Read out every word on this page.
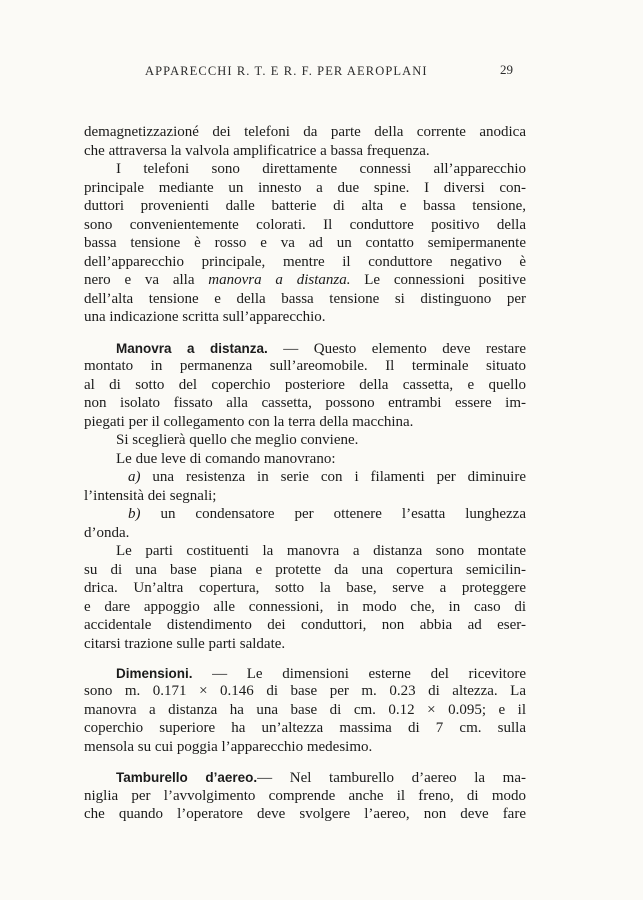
APPARECCHI R. T. E R. F. PER AEROPLANI	29
demagnetizzazioné dei telefoni da parte della corrente anodica
che attraversa la valvola amplificatrice a bassa frequenza.
I telefoni sono direttamente connessi all’apparecchio
principale mediante un innesto a due spine. I diversi con-
duttori provenienti dalle batterie di alta e bassa tensione,
sono convenientemente colorati. Il conduttore positivo della
bassa tensione è rosso e va ad un contatto semipermanente
dell’apparecchio principale, mentre il conduttore negativo è
nero e va alla manovra a distanza. Le connessioni positive
dell’alta tensione e della bassa tensione si distinguono per
una indicazione scritta sull’apparecchio.
Manovra a distanza. — Questo elemento deve restare
montato in permanenza sull’areomobile. Il terminale situato
al di sotto del coperchio posteriore della cassetta, e quello
non isolato fissato alla cassetta, possono entrambi essere im-
piegati per il collegamento con la terra della macchina.
Si sceglierà quello che meglio conviene.
Le due leve di comando manovrano:
a) una resistenza in serie con i filamenti per diminuire
l’intensità dei segnali;
b) un condensatore per ottenere l’esatta lunghezza
d’onda.
Le parti costituenti la manovra a distanza sono montate
su di una base piana e protette da una copertura semicilin-
drica. Un’altra copertura, sotto la base, serve a proteggere
e dare appoggio alle connessioni, in modo che, in caso di
accidentale distendimento dei conduttori, non abbia ad eser-
citarsi trazione sulle parti saldate.
Dimensioni. — Le dimensioni esterne del ricevitore
sono m. 0.171 × 0.146 di base per m. 0.23 di altezza. La
manovra a distanza ha una base di cm. 0.12 × 0.095; e il
coperchio superiore ha un’altezza massima di 7 cm. sulla
mensola su cui poggia l’apparecchio medesimo.
Tamburello d’aereo.— Nel tamburello d’aereo la ma-
niglia per l’avvolgimento comprende anche il freno, di modo
che quando l’operatore deve svolgere l’aereo, non deve fare
